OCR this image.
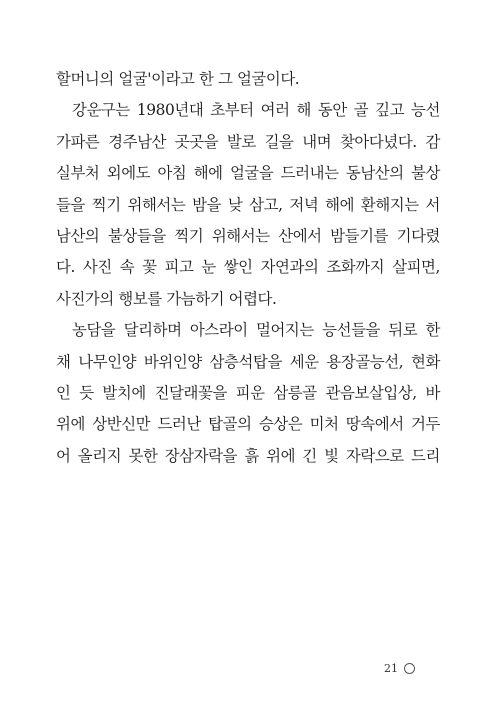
할머니의 얼굴'이라고 한 그 얼굴이다.
강운구는 1980년대 초부터 여러 해 동안 골 깊고 능선
가파른 경주남산 곳곳을 발로 길을 내며 찾아다녔다. 감
실부처 외에도 아침 해에 얼굴을 드러내는 동남산의 불상
들을 찍기 위해서는 밤을 낮 삼고, 저녁 해에 환해지는 서
남산의 불상들을 찍기 위해서는 산에서 밤들기를 기다렸
다. 사진 속 꽃 피고 눈 쌓인 자연과의 조화까지 살피면,
사진가의 행보를 가늠하기 어렵다.
농담을 달리하며 아스라이 멀어지는 능선들을 뒤로 한
채 나무인양 바위인양 삼층석탑을 세운 용장골능선, 현화
인 듯 발치에 진달래꽃을 피운 삼릉골 관음보살입상, 바
위에 상반신만 드러난 탑골의 승상은 미처 땅속에서 거두
어 올리지 못한 장삼자락을 흙 위에 긴 빛 자락으로 드리
21
